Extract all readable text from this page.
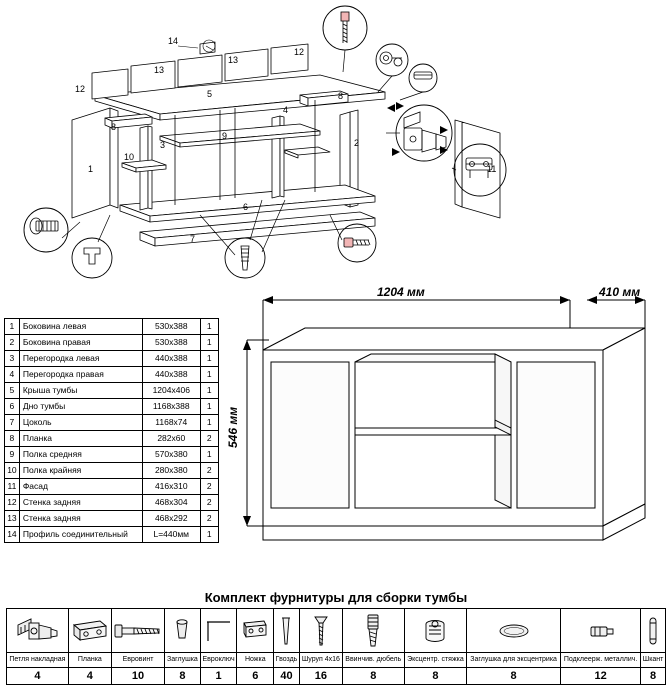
1
2
3
4
5
6
7
8
8
9
10
11
12
12
13
13
14
1	Боковина левая	530х388	1
2	Боковина правая	530х388	1
3	Перегородка левая	440х388	1
4	Перегородка правая	440х388	1
5	Крыша тумбы	1204х406	1
6	Дно тумбы	1168х388	1
7	Цоколь	1168х74	1
8	Планка	282х60	2
9	Полка средняя	570х380	1
10	Полка крайняя	280х380	2
11	Фасад	416х310	2
12	Стенка задняя	468х304	2
13	Стенка задняя	468х292	2
14	Профиль соединительный	L=440мм	1
1204 мм	410 мм
546 мм
Комплект фурнитуры для сборки тумбы

Петля накладная	Планка	Евровинт	Заглушка	Евроключ	Ножка	Гвоздь	Шуруп 4х16	Ввинчив. дюбель	Эксцентр. стяжка	Заглушка для эксцентрика	Подклеерж. металлич.	Шкант
4	4	10	8	1	6	40	16	8	8	8	12	8
